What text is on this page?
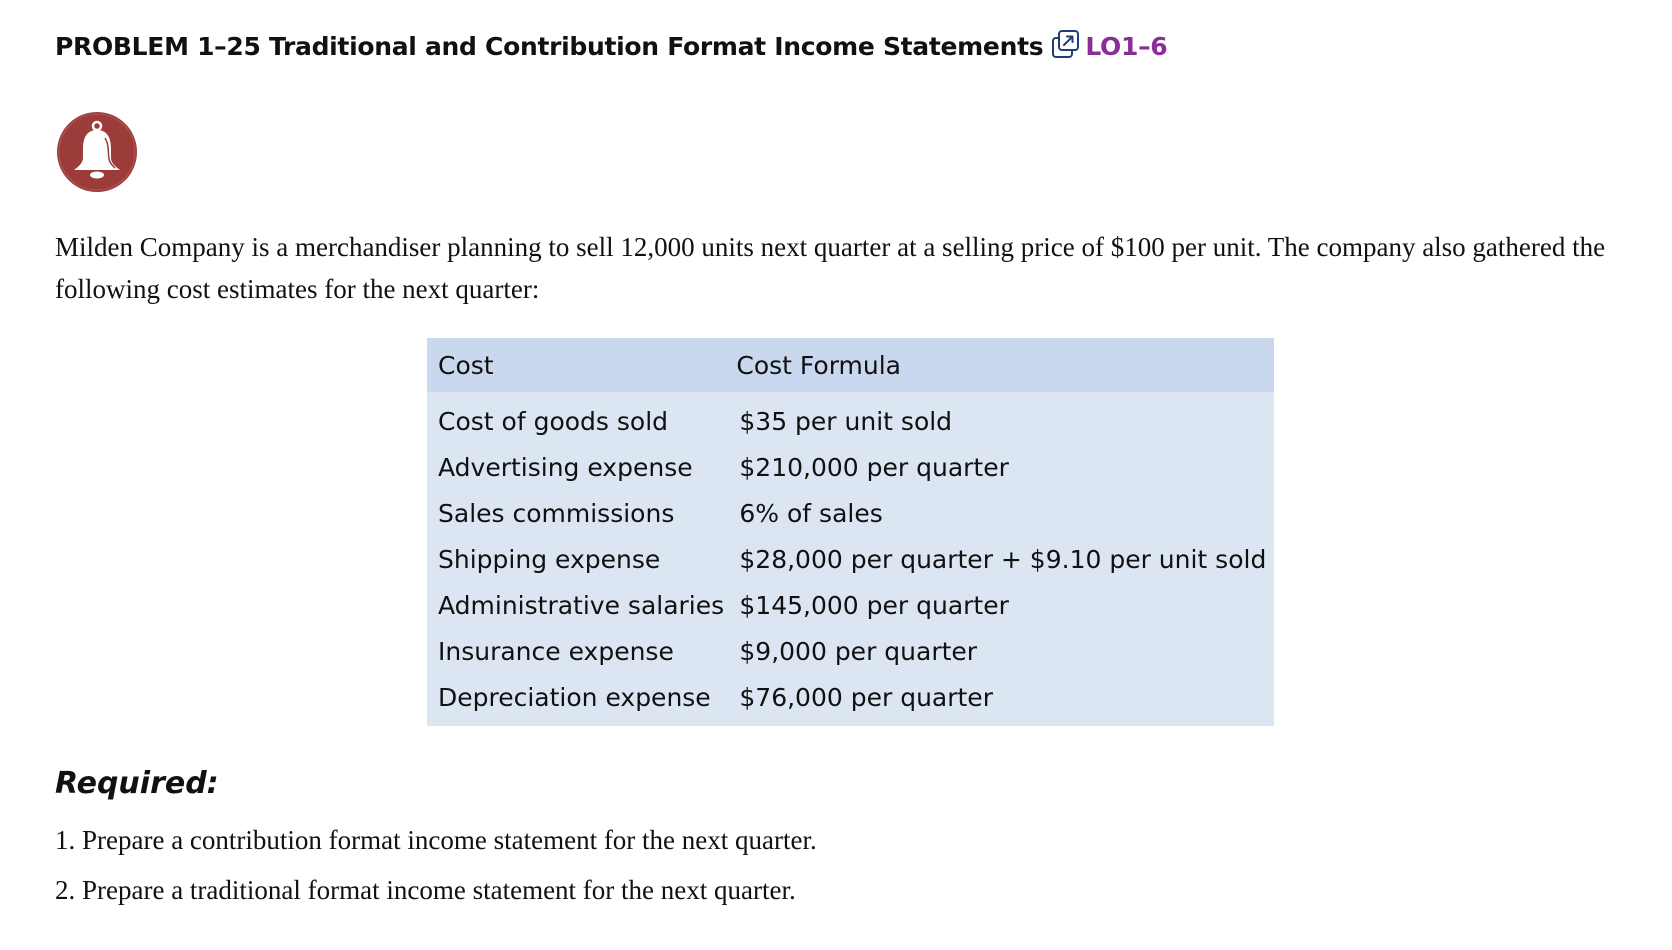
PROBLEM 1–25 Traditional and Contribution Format Income Statements LO1–6

Milden Company is a merchandiser planning to sell 12,000 units next quarter at a selling price of $100 per unit. The company also gathered the following cost estimates for the next quarter:

Cost	Cost Formula
Cost of goods sold	$35 per unit sold
Advertising expense	$210,000 per quarter
Sales commissions	6% of sales
Shipping expense	$28,000 per quarter + $9.10 per unit sold
Administrative salaries	$145,000 per quarter
Insurance expense	$9,000 per quarter
Depreciation expense	$76,000 per quarter
Required:
1. Prepare a contribution format income statement for the next quarter.
2. Prepare a traditional format income statement for the next quarter.
